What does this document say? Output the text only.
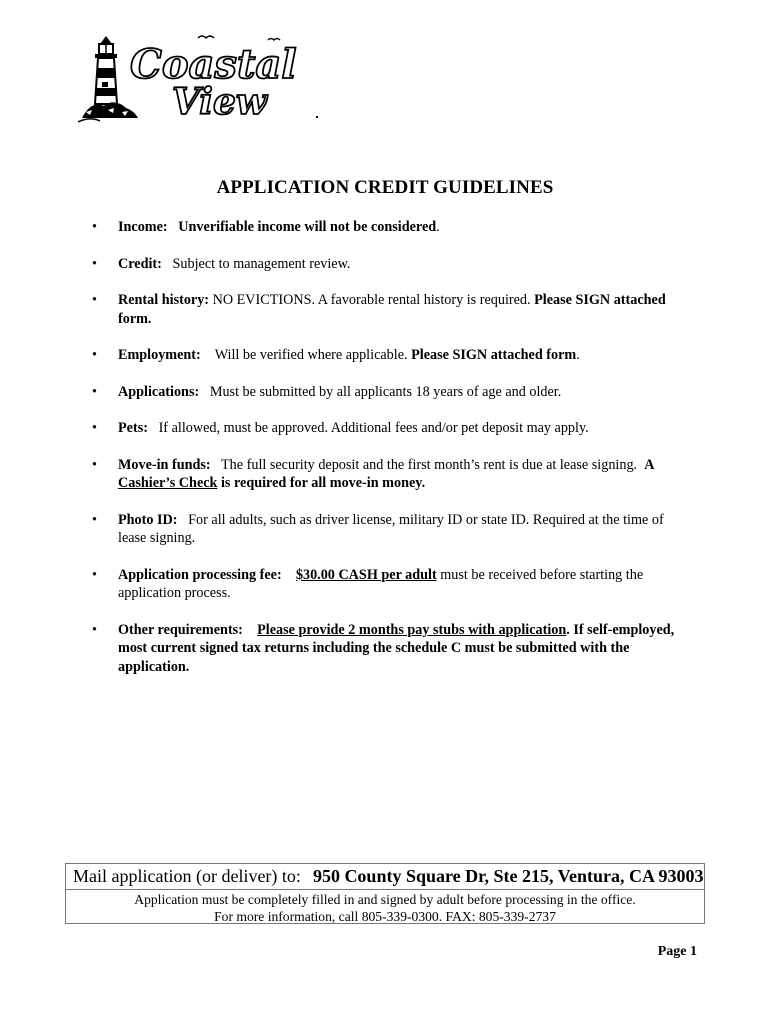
Coastal
View
APPLICATION CREDIT GUIDELINES
• Income: Unverifiable income will not be considered.
• Credit: Subject to management review.
• Rental history: NO EVICTIONS. A favorable rental history is required. Please SIGN attached form.
• Employment: Will be verified where applicable. Please SIGN attached form.
• Applications: Must be submitted by all applicants 18 years of age and older.
• Pets: If allowed, must be approved. Additional fees and/or pet deposit may apply.
• Move-in funds: The full security deposit and the first month’s rent is due at lease signing. A Cashier’s Check is required for all move-in money.
• Photo ID: For all adults, such as driver license, military ID or state ID. Required at the time of lease signing.
• Application processing fee: $30.00 CASH per adult must be received before starting the application process.
• Other requirements: Please provide 2 months pay stubs with application. If self-employed, most current signed tax returns including the schedule C must be submitted with the application.
Mail application (or deliver) to: 950 County Square Dr, Ste 215, Ventura, CA 93003
Application must be completely filled in and signed by adult before processing in the office.
For more information, call 805-339-0300. FAX: 805-339-2737
Page 1
